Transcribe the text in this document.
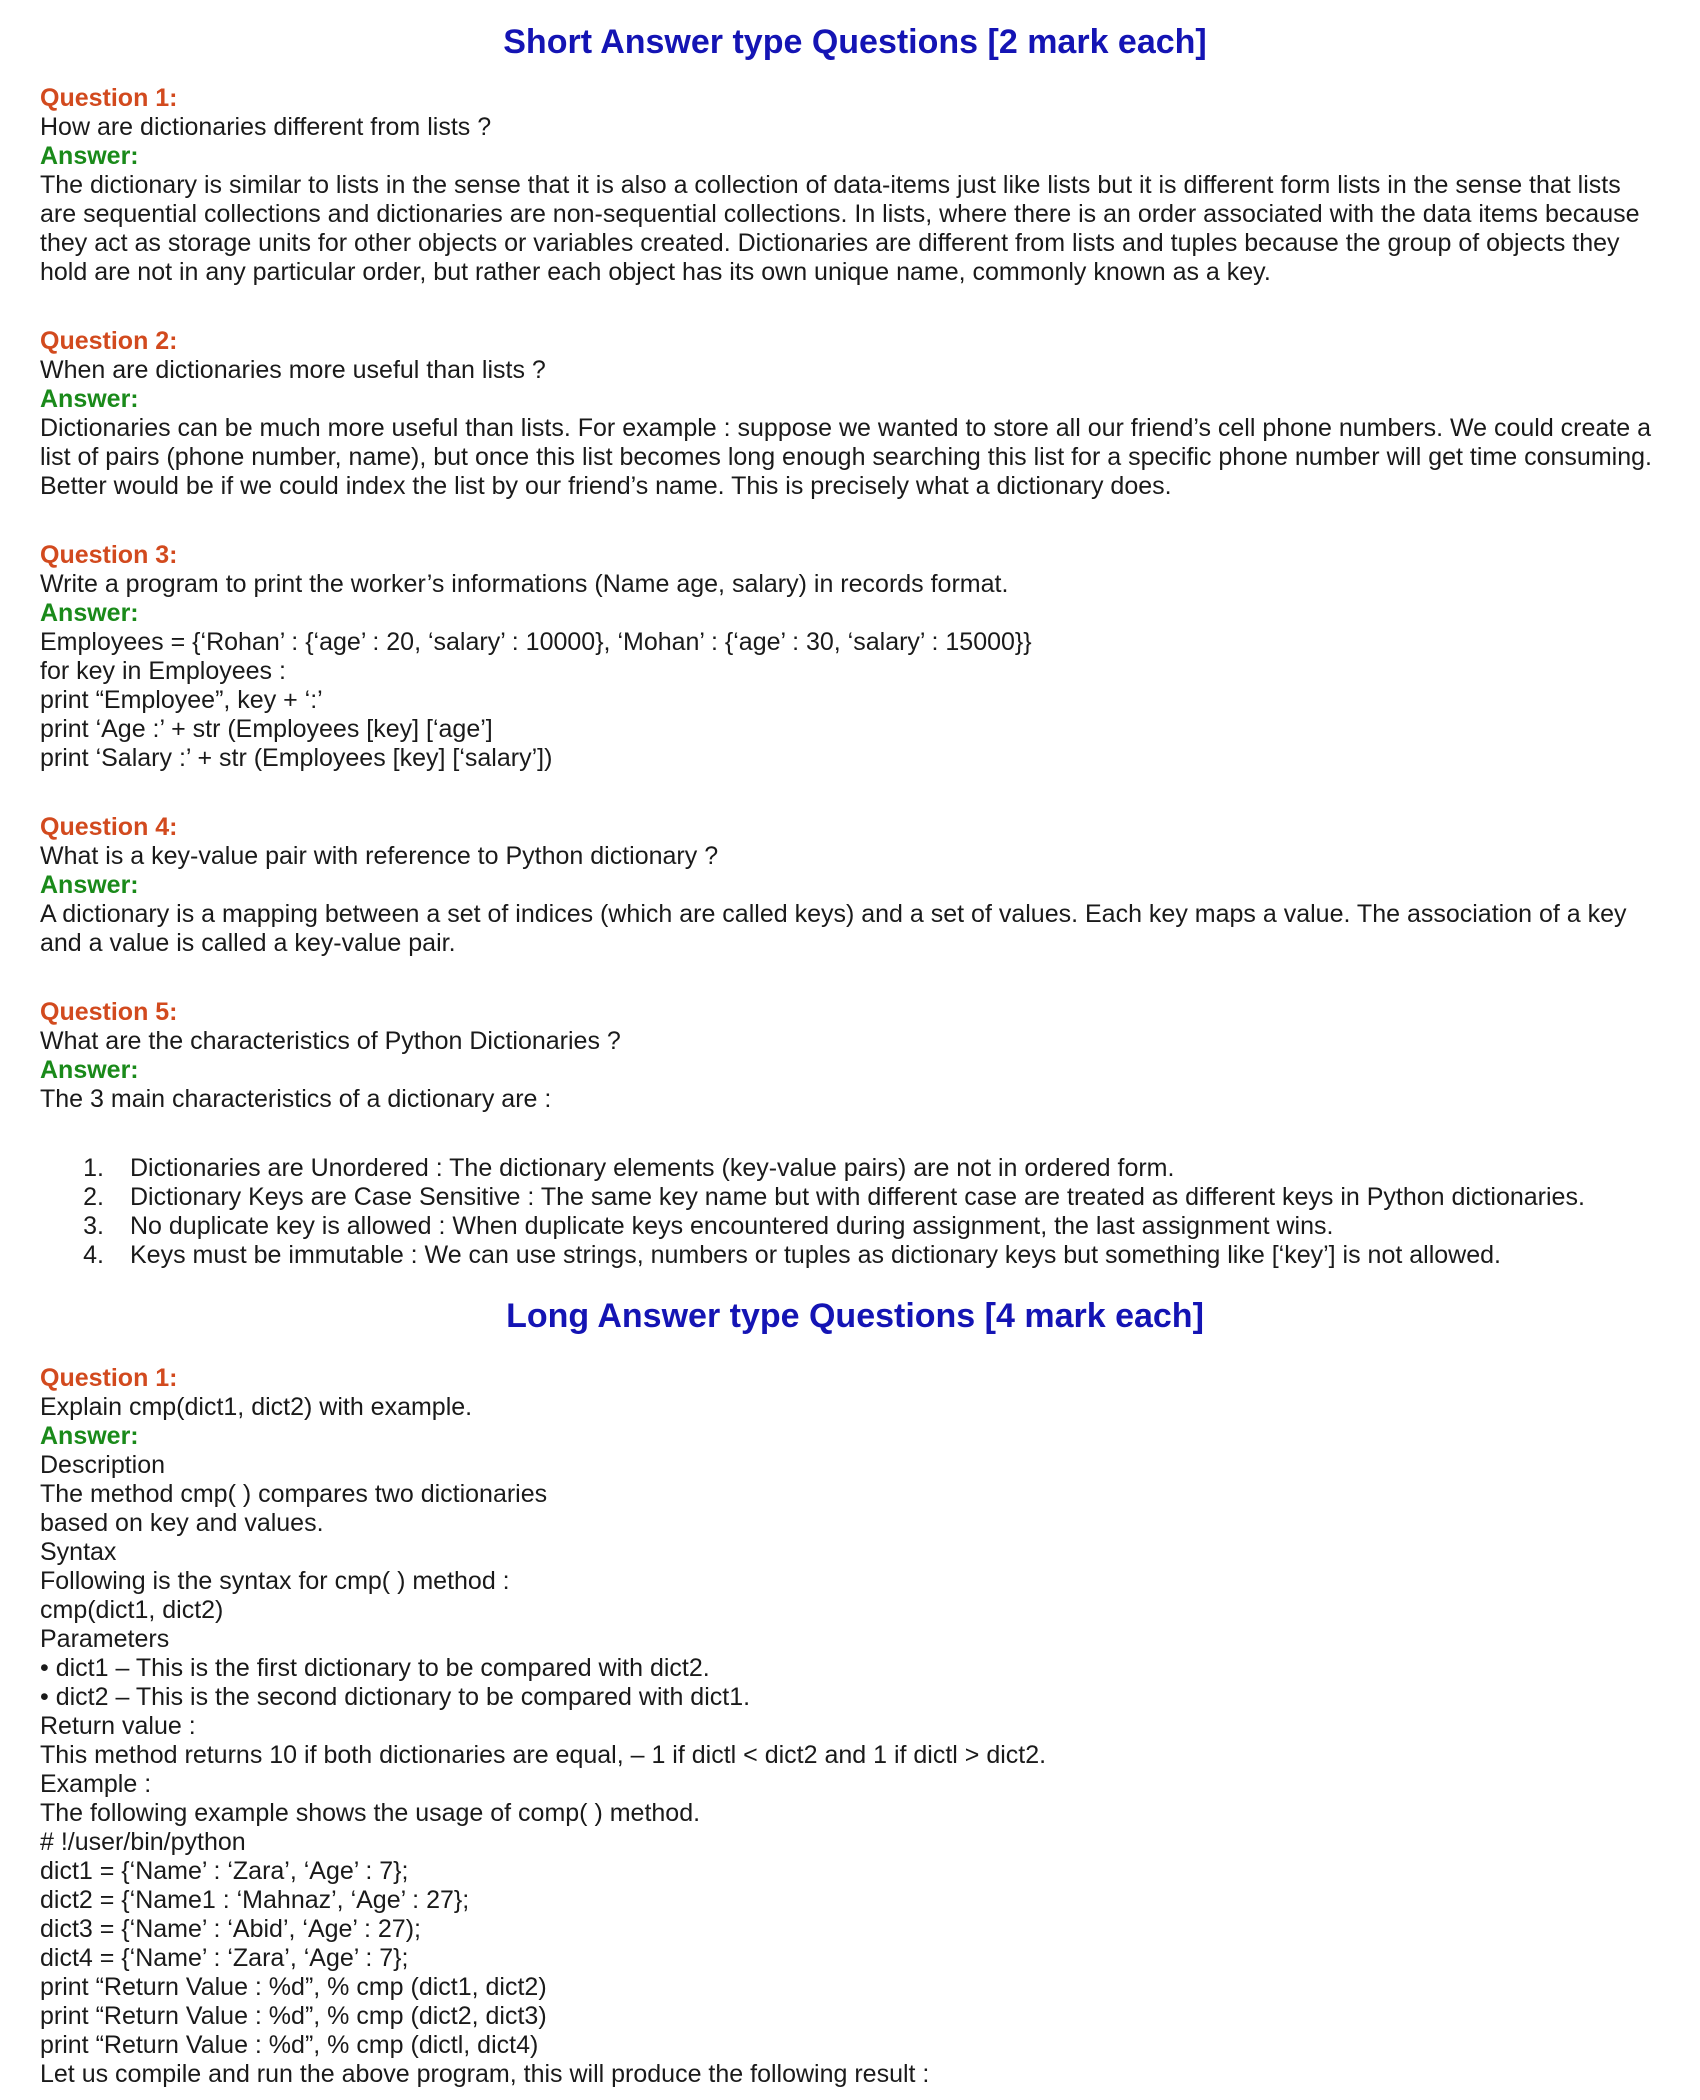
Short Answer type Questions [2 mark each]

Question 1:

How are dictionaries different from lists ?

Answer:

The dictionary is similar to lists in the sense that it is also a collection of data-items just like lists but it is different form lists in the sense that lists

are sequential collections and dictionaries are non-sequential collections. In lists, where there is an order associated with the data items because

they act as storage units for other objects or variables created. Dictionaries are different from lists and tuples because the group of objects they

hold are not in any particular order, but rather each object has its own unique name, commonly known as a key.

Question 2:

When are dictionaries more useful than lists ?

Answer:

Dictionaries can be much more useful than lists. For example : suppose we wanted to store all our friend’s cell phone numbers. We could create a

list of pairs (phone number, name), but once this list becomes long enough searching this list for a specific phone number will get time consuming.

Better would be if we could index the list by our friend’s name. This is precisely what a dictionary does.

Question 3:

Write a program to print the worker’s informations (Name age, salary) in records format.

Answer:

Employees = {‘Rohan’ : {‘age’ : 20, ‘salary’ : 10000}, ‘Mohan’ : {‘age’ : 30, ‘salary’ : 15000}}

for key in Employees :

print “Employee”, key + ‘:’

print ‘Age :’ + str (Employees [key] [‘age’]

print ‘Salary :’ + str (Employees [key] [‘salary’])

Question 4:

What is a key-value pair with reference to Python dictionary ?

Answer:

A dictionary is a mapping between a set of indices (which are called keys) and a set of values. Each key maps a value. The association of a key

and a value is called a key-value pair.

Question 5:

What are the characteristics of Python Dictionaries ?

Answer:

The 3 main characteristics of a dictionary are :

1.	Dictionaries are Unordered : The dictionary elements (key-value pairs) are not in ordered form.
2.	Dictionary Keys are Case Sensitive : The same key name but with different case are treated as different keys in Python dictionaries.
3.	No duplicate key is allowed : When duplicate keys encountered during assignment, the last assignment wins.
4.	Keys must be immutable : We can use strings, numbers or tuples as dictionary keys but something like [‘key’] is not allowed.
Long Answer type Questions [4 mark each]

Question 1:

Explain cmp(dict1, dict2) with example.

Answer:

Description

The method cmp( ) compares two dictionaries

based on key and values.

Syntax

Following is the syntax for cmp( ) method :

cmp(dict1, dict2)

Parameters

• dict1 – This is the first dictionary to be compared with dict2.

• dict2 – This is the second dictionary to be compared with dict1.

Return value :

This method returns 10 if both dictionaries are equal, – 1 if dictl < dict2 and 1 if dictl > dict2.

Example :

The following example shows the usage of comp( ) method.

# !/user/bin/python

dict1 = {‘Name’ : ‘Zara’, ‘Age’ : 7};

dict2 = {‘Name1 : ‘Mahnaz’, ‘Age’ : 27};

dict3 = {‘Name’ : ‘Abid’, ‘Age’ : 27);

dict4 = {‘Name’ : ‘Zara’, ‘Age’ : 7};

print “Return Value : %d”, % cmp (dict1, dict2)

print “Return Value : %d”, % cmp (dict2, dict3)

print “Return Value : %d”, % cmp (dictl, dict4)

Let us compile and run the above program, this will produce the following result :
